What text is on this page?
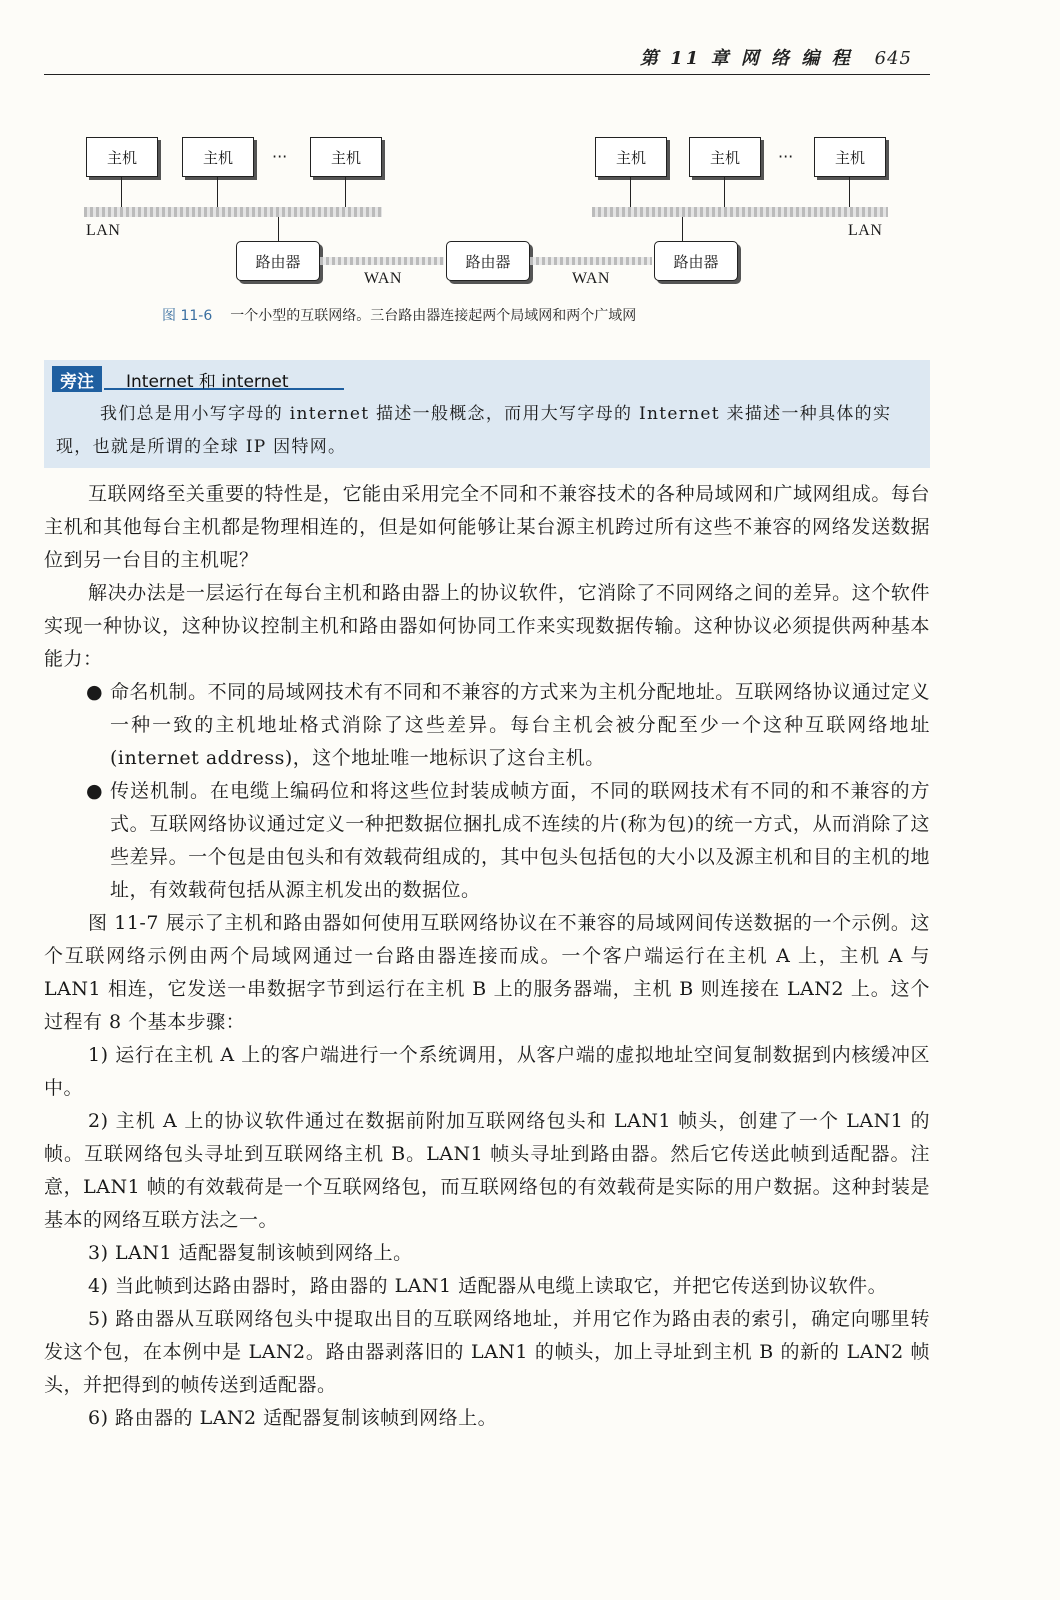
第 11 章 网 络 编 程 645
主机	主机	···	主机
LAN
主机	主机	···	主机
LAN
路由器
WAN
路由器
WAN
路由器
图 11-6 一个小型的互联网络。三台路由器连接起两个局域网和两个广域网
旁注	Internet 和 internet
我们总是用小写字母的 internet 描述一般概念，而用大写字母的 Internet 来描述一种具体的实现，也就是所谓的全球 IP 因特网。

互联网络至关重要的特性是，它能由采用完全不同和不兼容技术的各种局域网和广域网组成。每台主机和其他每台主机都是物理相连的，但是如何能够让某台源主机跨过所有这些不兼容的网络发送数据位到另一台目的主机呢？

解决办法是一层运行在每台主机和路由器上的协议软件，它消除了不同网络之间的差异。这个软件实现一种协议，这种协议控制主机和路由器如何协同工作来实现数据传输。这种协议必须提供两种基本能力：

● 命名机制。不同的局域网技术有不同和不兼容的方式来为主机分配地址。互联网络协议通过定义一种一致的主机地址格式消除了这些差异。每台主机会被分配至少一个这种互联网络地址(internet address)，这个地址唯一地标识了这台主机。
● 传送机制。在电缆上编码位和将这些位封装成帧方面，不同的联网技术有不同的和不兼容的方式。互联网络协议通过定义一种把数据位捆扎成不连续的片(称为包)的统一方式，从而消除了这些差异。一个包是由包头和有效载荷组成的，其中包头包括包的大小以及源主机和目的主机的地址，有效载荷包括从源主机发出的数据位。

图 11-7 展示了主机和路由器如何使用互联网络协议在不兼容的局域网间传送数据的一个示例。这个互联网络示例由两个局域网通过一台路由器连接而成。一个客户端运行在主机 A 上，主机 A 与 LAN1 相连，它发送一串数据字节到运行在主机 B 上的服务器端，主机 B 则连接在 LAN2 上。这个过程有 8 个基本步骤：

1) 运行在主机 A 上的客户端进行一个系统调用，从客户端的虚拟地址空间复制数据到内核缓冲区中。

2) 主机 A 上的协议软件通过在数据前附加互联网络包头和 LAN1 帧头，创建了一个 LAN1 的帧。互联网络包头寻址到互联网络主机 B。LAN1 帧头寻址到路由器。然后它传送此帧到适配器。注意，LAN1 帧的有效载荷是一个互联网络包，而互联网络包的有效载荷是实际的用户数据。这种封装是基本的网络互联方法之一。

3) LAN1 适配器复制该帧到网络上。

4) 当此帧到达路由器时，路由器的 LAN1 适配器从电缆上读取它，并把它传送到协议软件。

5) 路由器从互联网络包头中提取出目的互联网络地址，并用它作为路由表的索引，确定向哪里转发这个包，在本例中是 LAN2。路由器剥落旧的 LAN1 的帧头，加上寻址到主机 B 的新的 LAN2 帧头，并把得到的帧传送到适配器。

6) 路由器的 LAN2 适配器复制该帧到网络上。
